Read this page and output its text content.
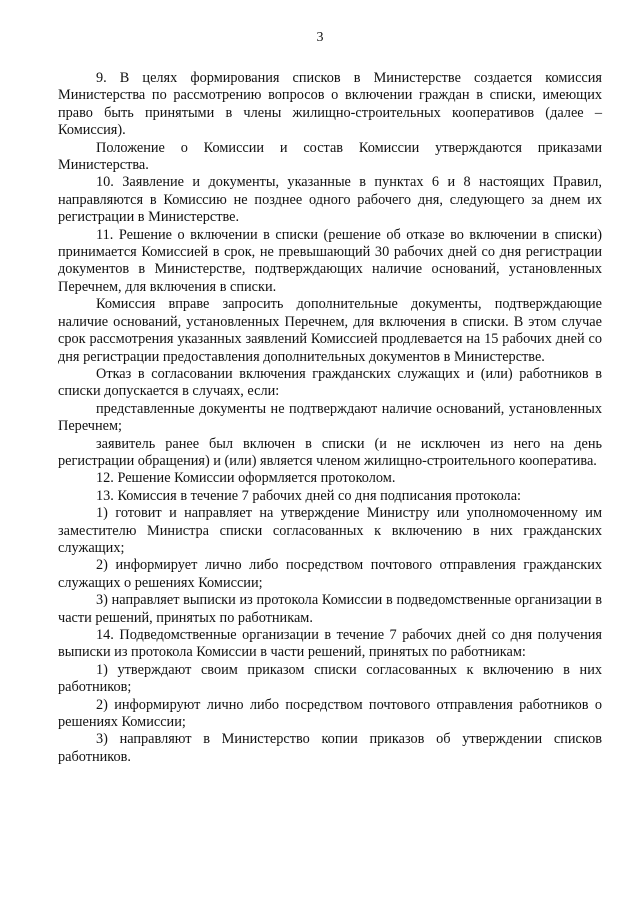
3

9. В целях формирования списков в Министерстве создается комиссия Министерства по рассмотрению вопросов о включении граждан в списки, имеющих право быть принятыми в члены жилищно-строительных кооперативов (далее – Комиссия).

Положение о Комиссии и состав Комиссии утверждаются приказами Министерства.

10. Заявление и документы, указанные в пунктах 6 и 8 настоящих Правил, направляются в Комиссию не позднее одного рабочего дня, следующего за днем их регистрации в Министерстве.

11. Решение о включении в списки (решение об отказе во включении в списки) принимается Комиссией в срок, не превышающий 30 рабочих дней со дня регистрации документов в Министерстве, подтверждающих наличие оснований, установленных Перечнем, для включения в списки.

Комиссия вправе запросить дополнительные документы, подтверждающие наличие оснований, установленных Перечнем, для включения в списки. В этом случае срок рассмотрения указанных заявлений Комиссией продлевается на 15 рабочих дней со дня регистрации предоставления дополнительных документов в Министерстве.

Отказ в согласовании включения гражданских служащих и (или) работников в списки допускается в случаях, если:

представленные документы не подтверждают наличие оснований, установленных Перечнем;

заявитель ранее был включен в списки (и не исключен из него на день регистрации обращения) и (или) является членом жилищно-строительного кооператива.

12. Решение Комиссии оформляется протоколом.

13. Комиссия в течение 7 рабочих дней со дня подписания протокола:

1) готовит и направляет на утверждение Министру или уполномоченному им заместителю Министра списки согласованных к включению в них гражданских служащих;

2) информирует лично либо посредством почтового отправления гражданских служащих о решениях Комиссии;

3) направляет выписки из протокола Комиссии в подведомственные организации в части решений, принятых по работникам.

14. Подведомственные организации в течение 7 рабочих дней со дня получения выписки из протокола Комиссии в части решений, принятых по работникам:

1) утверждают своим приказом списки согласованных к включению в них работников;

2) информируют лично либо посредством почтового отправления работников о решениях Комиссии;

3) направляют в Министерство копии приказов об утверждении списков работников.
